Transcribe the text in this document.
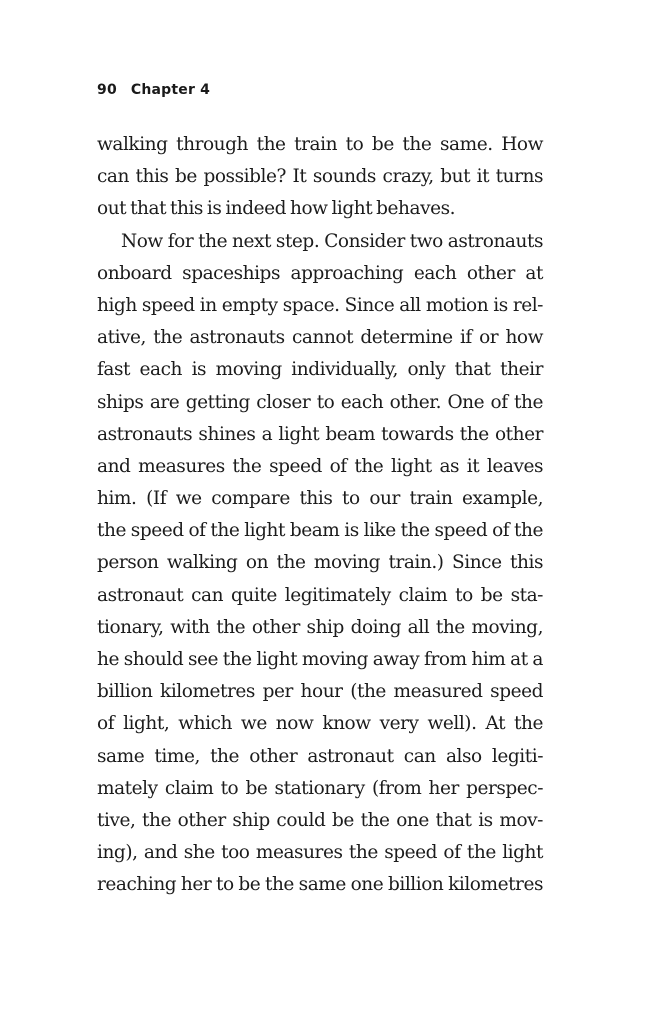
90 Chapter 4
walking through the train to be the same. How
can this be possible? It sounds crazy, but it turns
out that this is indeed how light behaves.
Now for the next step. Consider two astronauts
onboard spaceships approaching each other at
high speed in empty space. Since all motion is rel-
ative, the astronauts cannot determine if or how
fast each is moving individually, only that their
ships are getting closer to each other. One of the
astronauts shines a light beam towards the other
and measures the speed of the light as it leaves
him. (If we compare this to our train example,
the speed of the light beam is like the speed of the
person walking on the moving train.) Since this
astronaut can quite legitimately claim to be sta-
tionary, with the other ship doing all the moving,
he should see the light moving away from him at a
billion kilometres per hour (the measured speed
of light, which we now know very well). At the
same time, the other astronaut can also legiti-
mately claim to be stationary (from her perspec-
tive, the other ship could be the one that is mov-
ing), and she too measures the speed of the light
reaching her to be the same one billion kilometres
